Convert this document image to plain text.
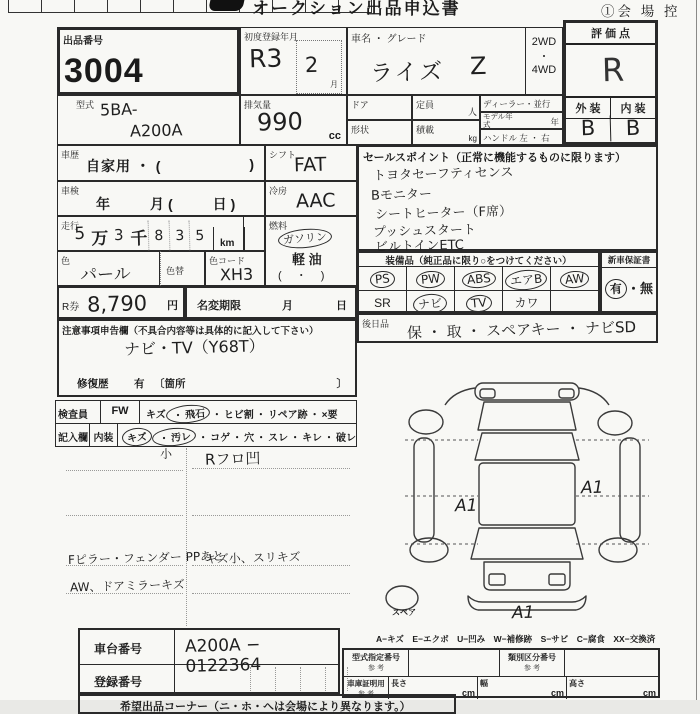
オークション出品申込書	①会 場 控
出品番号
3004
初度登録年月
R3 2
月
車名 ・ グレード
ライズ Z
2WD
・
4WD
評 価 点
R
外 装	内 装
B	B
型式 5BA-
A200A
排気量
990 cc
ドア
形状
定員
人
積載
kg
ディーラー・並行
モデル年式	年
ハンドル 左 ・ 右
車歴
自家用 ・ (	)
車検
年　　月(　　日)
走行
5 万 3 千 8 3 5	km
色
パール	色替
色コード
XH3
R券 8,790 円 名変期限	月	日
シフト
FAT
冷房 AAC
燃料
ガソリン
軽 油
(　 ・ 　)
セールスポイント（正常に機能するものに限ります）
トヨタセーフティセンス
Bモニター
シートヒーター（F席）
プッシュスタート
ビルトインETC
装備品（純正品に限り○をつけてください）
PS	PW	ABS	エアB	AW
SR	ナビ	TV	カワ
新車保証書
有 ・無
後日品 保 ・ 取 ・ スペアキー ・ ナビSD
注意事項申告欄（不具合内容等は具体的に記入して下さい）
ナビ・TV（Y68T）
修復歴 有 〔箇所	〕
検査員	FW	キズ ・ 飛石 ・ ヒビ割 ・ リペア跡 ・ ×要
記入欄 内装	キズ ・ 汚レ ・ コゲ ・ 穴 ・ スレ ・ キレ ・ 破レ
小 Rフロ凹
Fピラー・フェンダー PPあと
キズ小、スリキズ
AW、ドアミラーキズ
A1
A1
A1
スペア
A−キズ　E−エクボ　U−凹み　W−補修跡　S−サビ　C−腐食　XX−交換済
車台番号	A200A − 0122364
登録番号
希望出品コーナー（ニ・ホ・ヘは会場により異なります。）
型式指定番号
参 考
類別区分番号
参 考
車庫証明用
参 考
長さ
cm
幅
cm
高さ
cm
